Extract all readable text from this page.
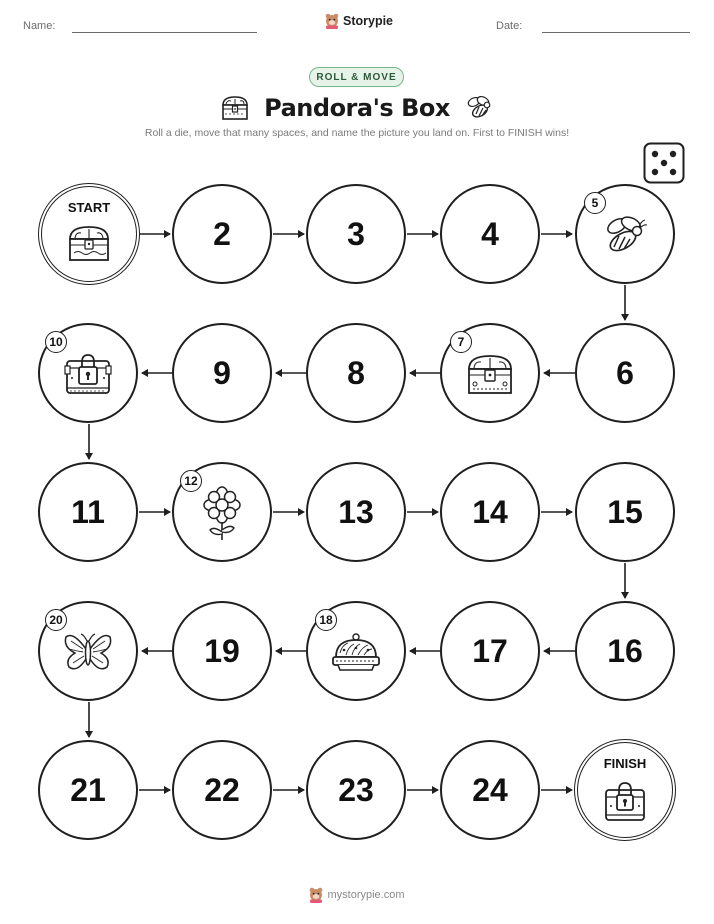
Name:	Storypie	Date:
ROLL & MOVE
Pandora's Box
Roll a die, move that many spaces, and name the picture you land on. First to FINISH wins!
START
2	3	4
5
10
9	8
7
6
11
12
13	14	15
20
19
18
17	16
21	22	23	24
FINISH
mystorypie.com
